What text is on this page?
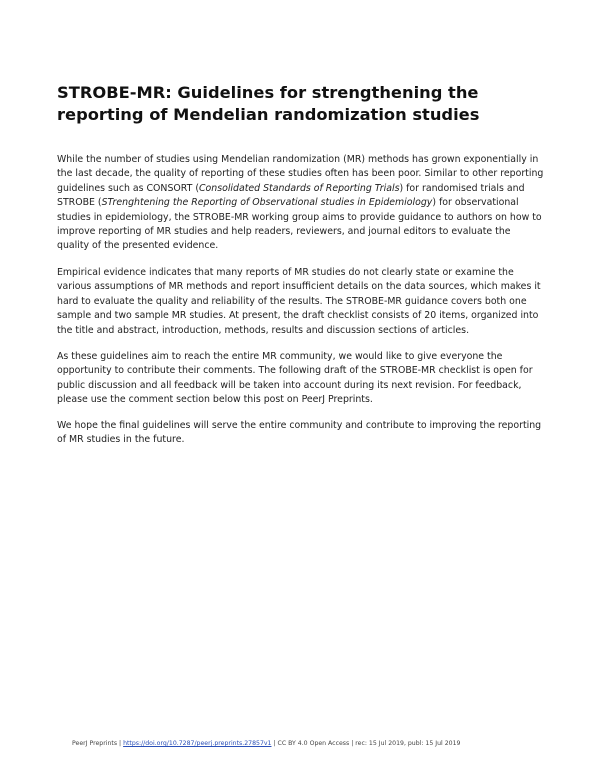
STROBE-MR: Guidelines for strengthening the reporting of Mendelian randomization studies

While the number of studies using Mendelian randomization (MR) methods has grown exponentially in the last decade, the quality of reporting of these studies often has been poor. Similar to other reporting guidelines such as CONSORT (Consolidated Standards of Reporting Trials) for randomised trials and STROBE (STrenghtening the Reporting of Observational studies in Epidemiology) for observational studies in epidemiology, the STROBE-MR working group aims to provide guidance to authors on how to improve reporting of MR studies and help readers, reviewers, and journal editors to evaluate the quality of the presented evidence.

Empirical evidence indicates that many reports of MR studies do not clearly state or examine the various assumptions of MR methods and report insufficient details on the data sources, which makes it hard to evaluate the quality and reliability of the results. The STROBE-MR guidance covers both one sample and two sample MR studies. At present, the draft checklist consists of 20 items, organized into the title and abstract, introduction, methods, results and discussion sections of articles.

As these guidelines aim to reach the entire MR community, we would like to give everyone the opportunity to contribute their comments. The following draft of the STROBE-MR checklist is open for public discussion and all feedback will be taken into account during its next revision. For feedback, please use the comment section below this post on PeerJ Preprints.

We hope the final guidelines will serve the entire community and contribute to improving the reporting of MR studies in the future.

PeerJ Preprints | https://doi.org/10.7287/peerj.preprints.27857v1 | CC BY 4.0 Open Access | rec: 15 Jul 2019, publ: 15 Jul 2019
